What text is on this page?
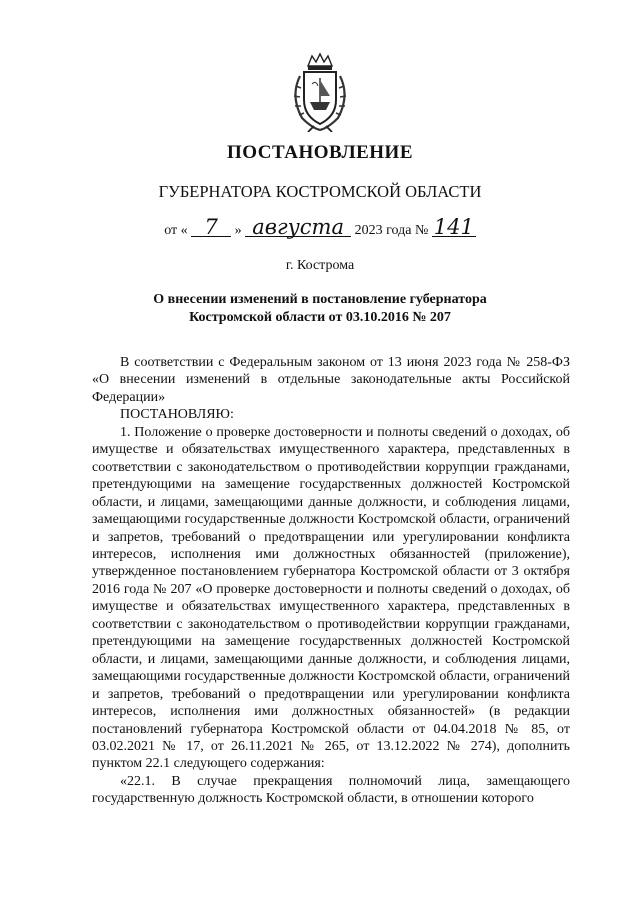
ПОСТАНОВЛЕНИЕ
ГУБЕРНАТОРА КОСТРОМСКОЙ ОБЛАСТИ
от « 7 » августа 2023 года № 141
г. Кострома
О внесении изменений в постановление губернатора
Костромской области от 03.10.2016 № 207

В соответствии с Федеральным законом от 13 июня 2023 года № 258-ФЗ «О внесении изменений в отдельные законодательные акты Российской Федерации»

ПОСТАНОВЛЯЮ:

1. Положение о проверке достоверности и полноты сведений о доходах, об имуществе и обязательствах имущественного характера, представленных в соответствии с законодательством о противодействии коррупции гражданами, претендующими на замещение государственных должностей Костромской области, и лицами, замещающими данные должности, и соблюдения лицами, замещающими государственные должности Костромской области, ограничений и запретов, требований о предотвращении или урегулировании конфликта интересов, исполнения ими должностных обязанностей (приложение), утвержденное постановлением губернатора Костромской области от 3 октября 2016 года № 207 «О проверке достоверности и полноты сведений о доходах, об имуществе и обязательствах имущественного характера, представленных в соответствии с законодательством о противодействии коррупции гражданами, претендующими на замещение государственных должностей Костромской области, и лицами, замещающими данные должности, и соблюдения лицами, замещающими государственные должности Костромской области, ограничений и запретов, требований о предотвращении или урегулировании конфликта интересов, исполнения ими должностных обязанностей» (в редакции постановлений губернатора Костромской области от 04.04.2018 № 85, от 03.02.2021 № 17, от 26.11.2021 № 265, от 13.12.2022 № 274), дополнить пунктом 22.1 следующего содержания:

«22.1. В случае прекращения полномочий лица, замещающего государственную должность Костромской области, в отношении которого
